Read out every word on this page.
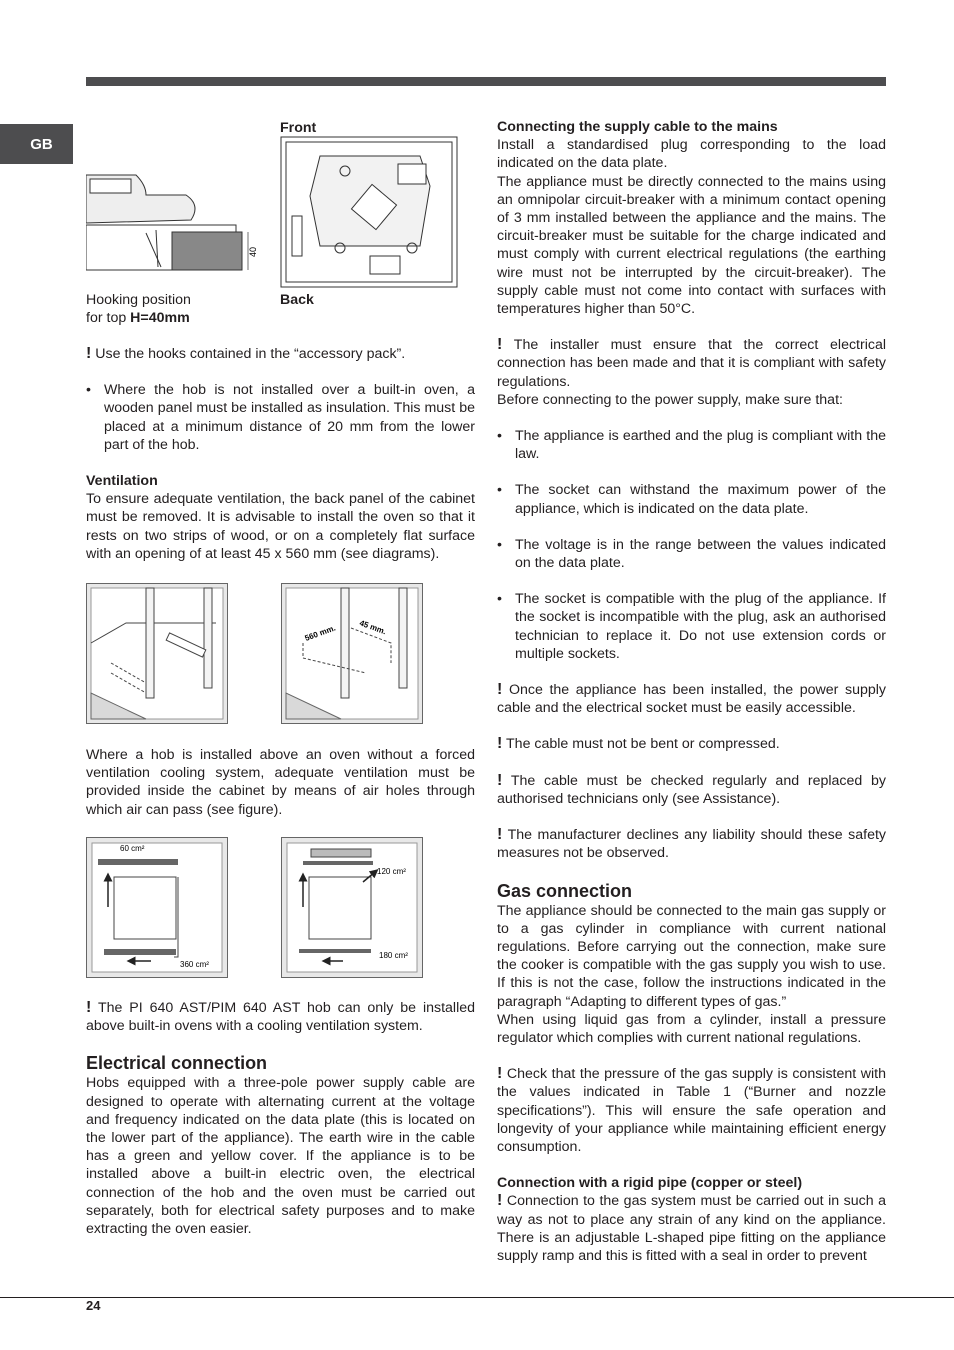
GB
40
Hooking position
for top H=40mm
Front
Back
560 mm.	45 mm.
60 cm²
360 cm²
120 cm²
180 cm²

! Use the hooks contained in the “accessory pack”.

• Where the hob is not installed over a built-in oven, a wooden panel must be installed as insulation. This must be placed at a minimum distance of 20 mm from the lower part of the hob.

Ventilation

To ensure adequate ventilation, the back panel of the cabinet must be removed. It is advisable to install the oven so that it rests on two strips of wood, or on a completely flat surface with an opening of at least 45 x 560 mm (see diagrams).

Where a hob is installed above an oven without a forced ventilation cooling system, adequate ventilation must be provided inside the cabinet by means of air holes through which air can pass (see figure).

! The PI 640 AST/PIM 640 AST hob can only be installed above built-in ovens with a cooling ventilation system.

Electrical connection

Hobs equipped with a three-pole power supply cable are designed to operate with alternating current at the voltage and frequency indicated on the data plate (this is located on the lower part of the appliance). The earth wire in the cable has a green and yellow cover. If the appliance is to be installed above a built-in electric oven, the electrical connection of the hob and the oven must be carried out separately, both for electrical safety purposes and to make extracting the oven easier.

Connecting the supply cable to the mains

Install a standardised plug corresponding to the load indicated on the data plate.

The appliance must be directly connected to the mains using an omnipolar circuit-breaker with a minimum contact opening of 3 mm installed between the appliance and the mains. The circuit-breaker must be suitable for the charge indicated and must comply with current electrical regulations (the earthing wire must not be interrupted by the circuit-breaker). The supply cable must not come into contact with surfaces with temperatures higher than 50°C.

! The installer must ensure that the correct electrical connection has been made and that it is compliant with safety regulations.

Before connecting to the power supply, make sure that:

• The appliance is earthed and the plug is compliant with the law.

• The socket can withstand the maximum power of the appliance, which is indicated on the data plate.

• The voltage is in the range between the values indicated on the data plate.

• The socket is compatible with the plug of the appliance. If the socket is incompatible with the plug, ask an authorised technician to replace it. Do not use extension cords or multiple sockets.

! Once the appliance has been installed, the power supply cable and the electrical socket must be easily accessible.

! The cable must not be bent or compressed.

! The cable must be checked regularly and replaced by authorised technicians only (see Assistance).

! The manufacturer declines any liability should these safety measures not be observed.

Gas connection

The appliance should be connected to the main gas supply or to a gas cylinder in compliance with current national regulations. Before carrying out the connection, make sure the cooker is compatible with the gas supply you wish to use. If this is not the case, follow the instructions indicated in the paragraph “Adapting to different types of gas.”

When using liquid gas from a cylinder, install a pressure regulator which complies with current national regulations.

! Check that the pressure of the gas supply is consistent with the values indicated in Table 1 (“Burner and nozzle specifications”). This will ensure the safe operation and longevity of your appliance while maintaining efficient energy consumption.

Connection with a rigid pipe (copper or steel)

! Connection to the gas system must be carried out in such a way as not to place any strain of any kind on the appliance. There is an adjustable L-shaped pipe fitting on the appliance supply ramp and this is fitted with a seal in order to prevent

24
